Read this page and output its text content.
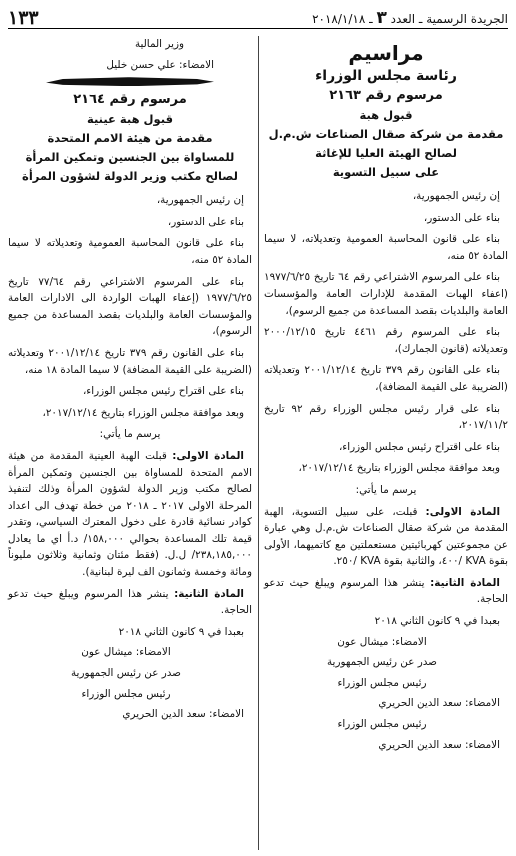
الجريدة الرسمية ـ العدد ٣ ـ ٢٠١٨/١/١٨
١٣٣
مراسيم
رئاسة مجلس الوزراء
مرسوم رقم ٢١٦٣
قبول هبة
مقدمة من شركة صقال الصناعات ش.م.ل
لصالح الهيئة العليا للإغاثة
على سبيل التسوية

إن رئيس الجمهورية،

بناء على الدستور،

بناء على قانون المحاسبة العمومية وتعديلاته، لا سيما المادة ٥٢ منه،

بناء على المرسوم الاشتراعي رقم ٦٤ تاريخ ١٩٧٧/٦/٢٥ (اعفاء الهبات المقدمة للإدارات العامة والمؤسسات العامة والبلديات بقصد المساعدة من جميع الرسوم)،

بناء على المرسوم رقم ٤٤٦١ تاريخ ٢٠٠٠/١٢/١٥ وتعديلاته (قانون الجمارك)،

بناء على القانون رقم ٣٧٩ تاريخ ٢٠٠١/١٢/١٤ وتعديلاته (الضريبة على القيمة المضافة)،

بناء على قرار رئيس مجلس الوزراء رقم ٩٢ تاريخ ٢٠١٧/١١/٢،

بناء على اقتراح رئيس مجلس الوزراء،

وبعد موافقة مجلس الوزراء بتاريخ ٢٠١٧/١٢/١٤،

يرسم ما يأتي:

المادة الاولى: قبلت، على سبيل التسوية، الهبة المقدمة من شركة صقال الصناعات ش.م.ل وهي عبارة عن مجموعتين كهربائيتين مستعملتين مع كاتميهما، الأولى بقوة KVA /٤٠٠، والثانية بقوة KVA /٢٥٠.

المادة الثانية: ينشر هذا المرسوم ويبلغ حيث تدعو الحاجة.

بعبدا في ٩ كانون الثاني ٢٠١٨

الامضاء: ميشال عون

صدر عن رئيس الجمهورية

رئيس مجلس الوزراء

الامضاء: سعد الدين الحريري

رئيس مجلس الوزراء

الامضاء: سعد الدين الحريري

وزير المالية

الامضاء: علي حسن خليل

مرسوم رقم ٢١٦٤
قبول هبة عينية
مقدمة من هيئة الامم المتحدة
للمساواة بين الجنسين وتمكين المرأة
لصالح مكتب وزير الدولة لشؤون المرأة

إن رئيس الجمهورية،

بناء على الدستور،

بناء على قانون المحاسبة العمومية وتعديلاته لا سيما المادة ٥٢ منه،

بناء على المرسوم الاشتراعي رقم ٧٧/٦٤ تاريخ ١٩٧٧/٦/٢٥ (إعفاء الهبات الواردة الى الادارات العامة والمؤسسات العامة والبلديات بقصد المساعدة من جميع الرسوم)،

بناء على القانون رقم ٣٧٩ تاريخ ٢٠٠١/١٢/١٤ وتعديلاته (الضريبة على القيمة المضافة) لا سيما المادة ١٨ منه،

بناء على اقتراح رئيس مجلس الوزراء،

وبعد موافقة مجلس الوزراء بتاريخ ٢٠١٧/١٢/١٤،

يرسم ما يأتي:

المادة الاولى: قبلت الهبة العينية المقدمة من هيئة الامم المتحدة للمساواة بين الجنسين وتمكين المرأة لصالح مكتب وزير الدولة لشؤون المرأة وذلك لتنفيذ المرحلة الاولى ٢٠١٧ ـ ٢٠١٨ من خطة تهدف الى اعداد كوادر نسائية قادرة على دخول المعترك السياسي، وتقدر قيمة تلك المساعدة بحوالي ١٥٨,٠٠٠/ د.أ اي ما يعادل ٢٣٨,١٨٥,٠٠٠/ ل.ل. (فقط مئتان وثمانية وثلاثون مليوناً ومائة وخمسة وثمانون الف ليرة لبنانية).

المادة الثانية: ينشر هذا المرسوم ويبلغ حيث تدعو الحاجة.

بعبدا في ٩ كانون الثاني ٢٠١٨

الامضاء: ميشال عون

صدر عن رئيس الجمهورية

رئيس مجلس الوزراء

الامضاء: سعد الدين الحريري
